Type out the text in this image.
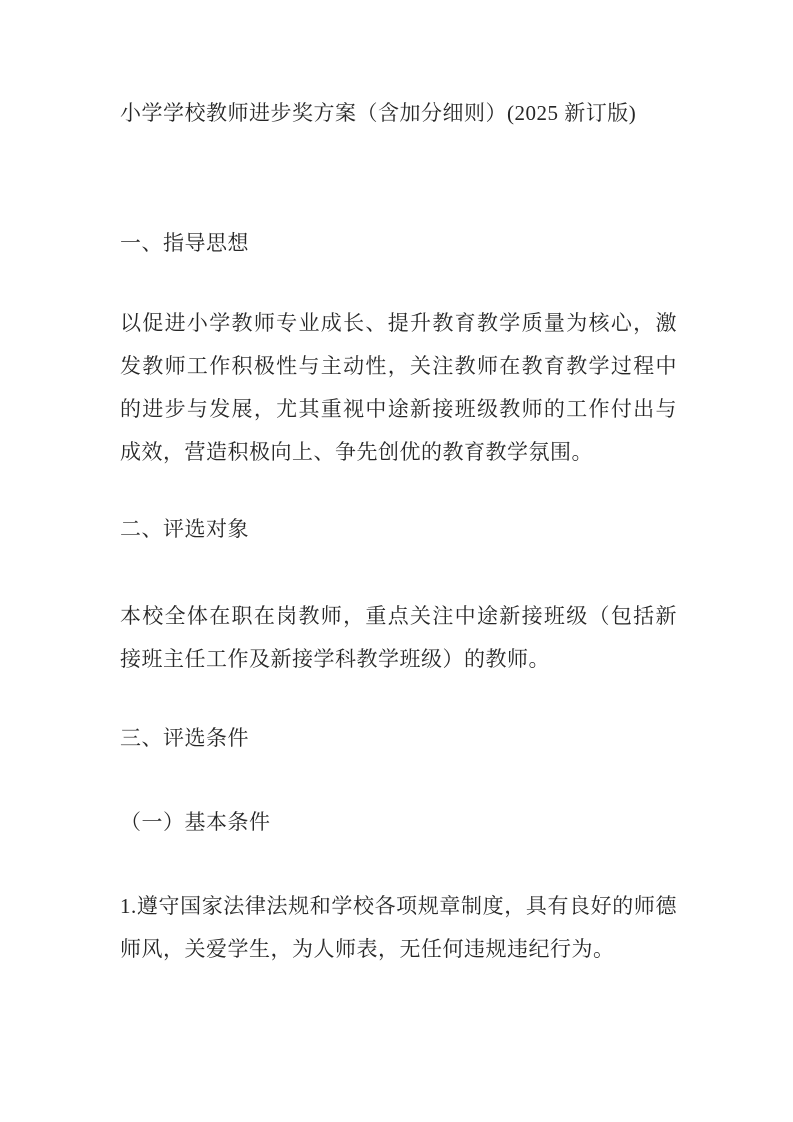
小学学校教师进步奖方案（含加分细则）(2025 新订版)

一、指导思想

以促进小学教师专业成长、提升教育教学质量为核心，激发教师工作积极性与主动性，关注教师在教育教学过程中的进步与发展，尤其重视中途新接班级教师的工作付出与成效，营造积极向上、争先创优的教育教学氛围。

二、评选对象

本校全体在职在岗教师，重点关注中途新接班级（包括新接班主任工作及新接学科教学班级）的教师。

三、评选条件

（一）基本条件

1.遵守国家法律法规和学校各项规章制度，具有良好的师德师风，关爱学生，为人师表，无任何违规违纪行为。
